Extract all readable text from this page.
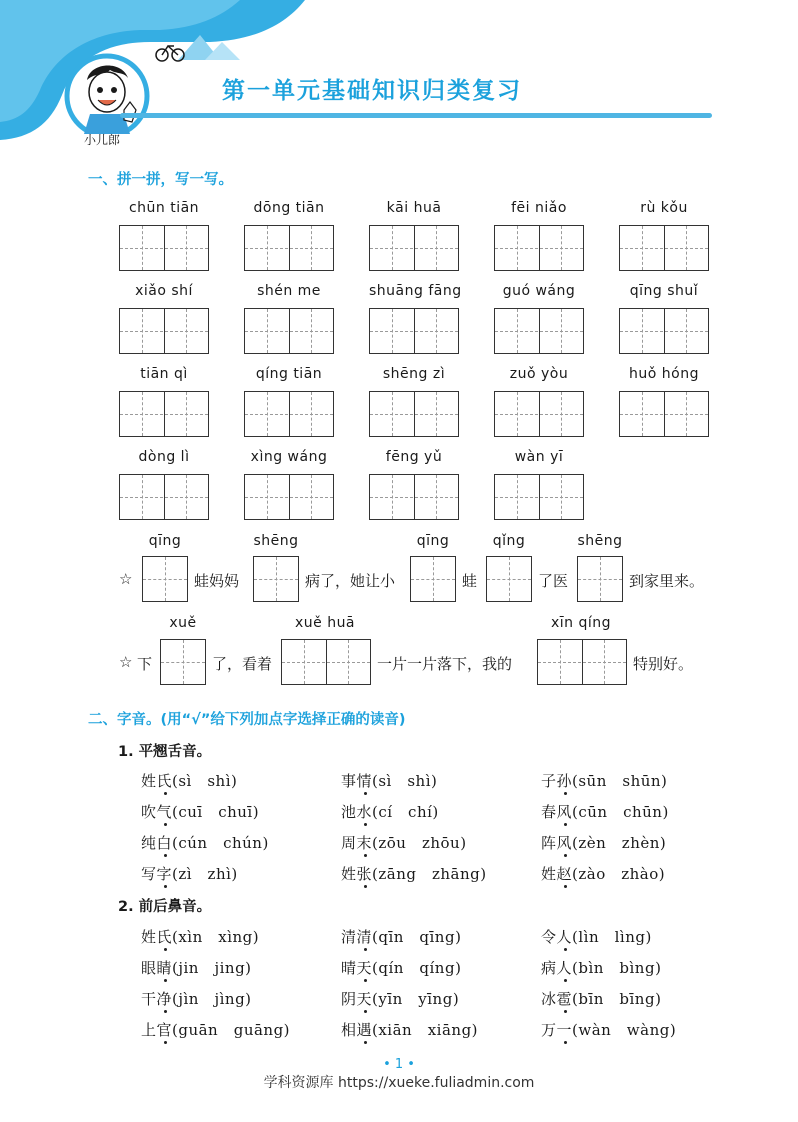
第一单元基础知识归类复习
小儿郎
一、拼一拼，写一写。
chūn tiān	dōng tiān	kāi huā	fēi niǎo	rù kǒu
xiǎo shí	shén me	shuāng fāng	guó wáng	qīng shuǐ
tiān qì	qíng tiān	shēng zì	zuǒ yòu	huǒ hóng
dòng lì	xìng wáng	fēng yǔ	wàn yī
qīng	shēng	qīng	qǐng	shēng
☆	蛙妈妈	病了，她让小	蛙	了医	到家里来。
xuě	xuě huā	xīn qíng
☆ 下	了，看着	一片一片落下，我的	特别好。
二、字音。(用“√”给下列加点字选择正确的读音)
1. 平翘舌音。
2. 前后鼻音。
姓氏(sì　shì)	事情(sì　shì)	子孙(sūn　shūn)
吹气(cuī　chuī)	池水(cí　chí)	春风(cūn　chūn)
纯白(cún　chún)	周末(zōu　zhōu)	阵风(zèn　zhèn)
写字(zì　zhì)	姓张(zāng　zhāng)	姓赵(zào　zhào)
姓氏(xìn　xìng)	清清(qīn　qīng)	令人(lìn　lìng)
眼睛(jin　jing)	晴天(qín　qíng)	病人(bìn　bìng)
干净(jìn　jìng)	阴天(yīn　yīng)	冰雹(bīn　bīng)
上官(guān　guāng)	相遇(xiān　xiāng)	万一(wàn　wàng)
• 1 •
学科资源库 https://xueke.fuliadmin.com
